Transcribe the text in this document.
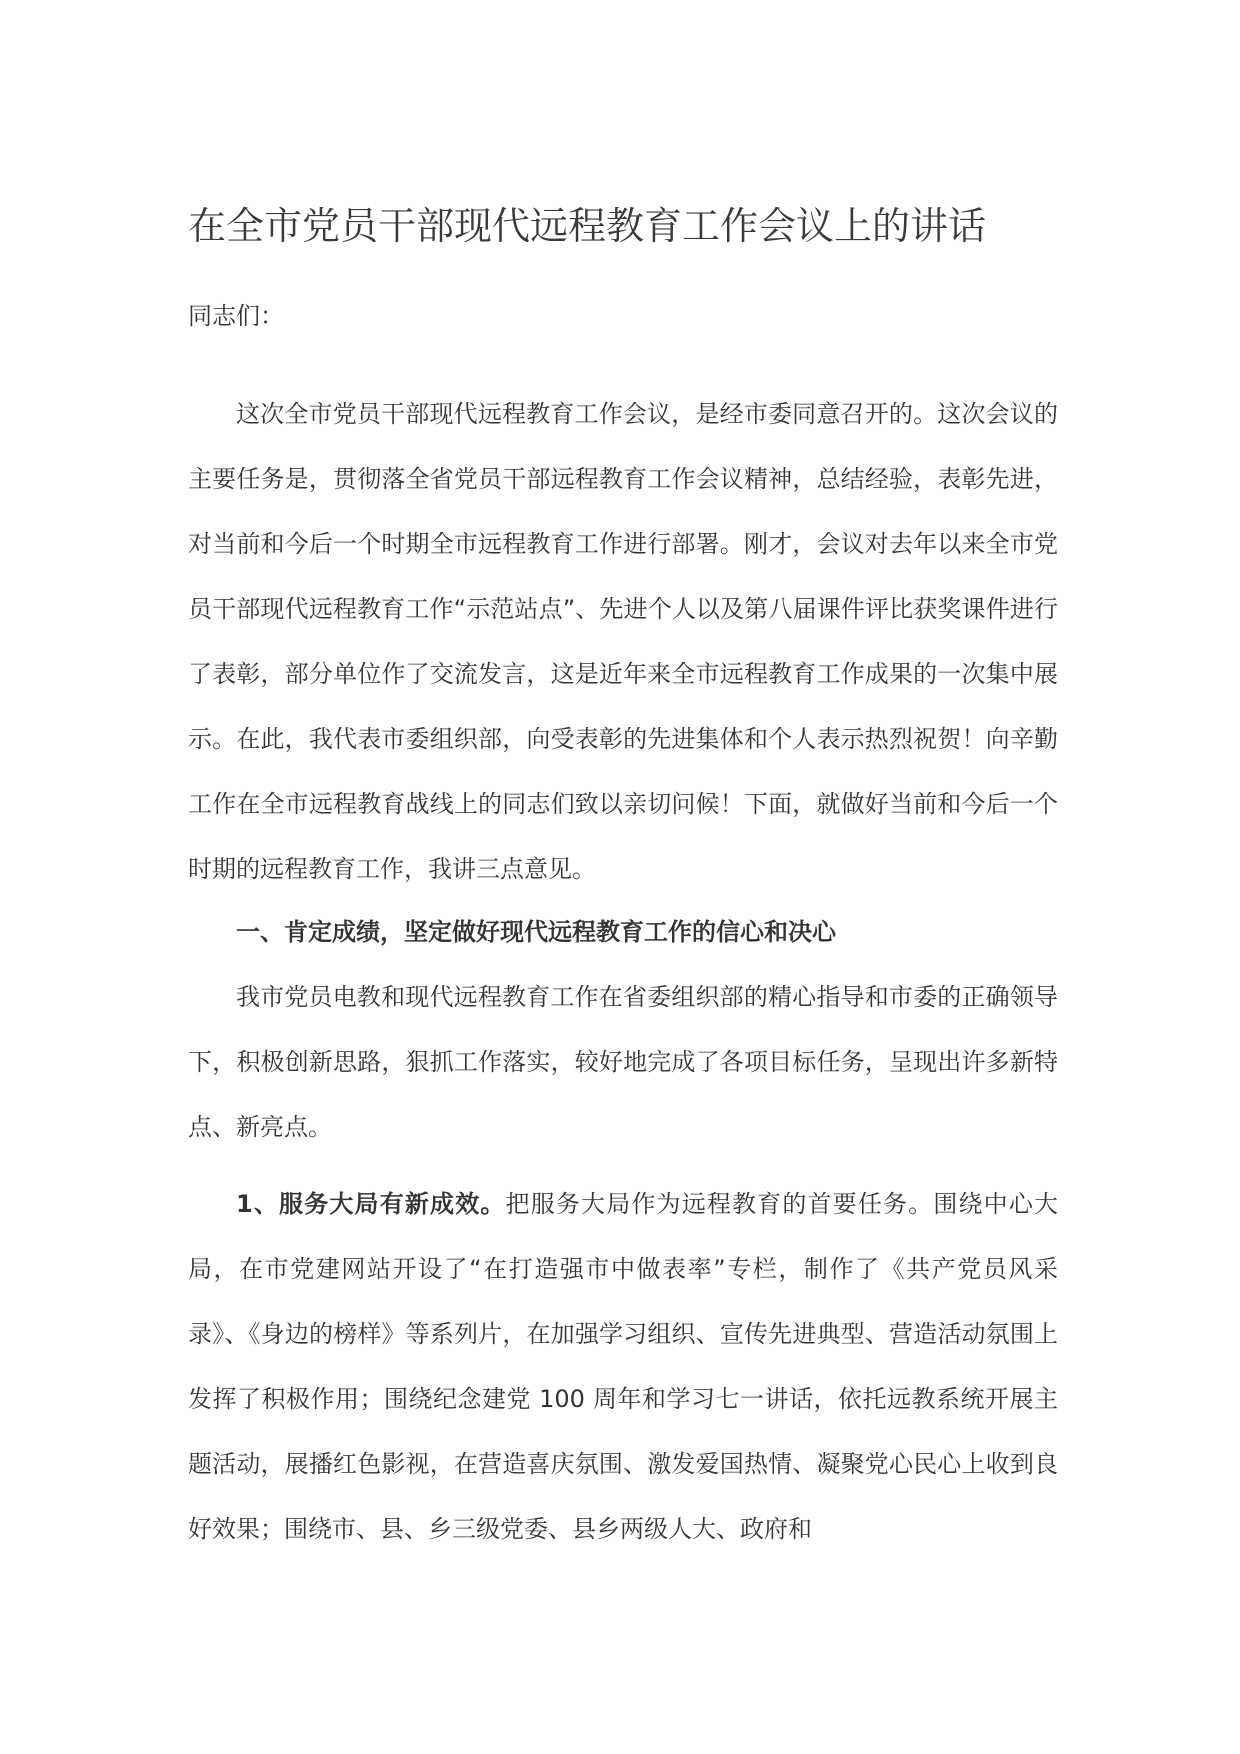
在全市党员干部现代远程教育工作会议上的讲话

同志们：

这次全市党员干部现代远程教育工作会议，是经市委同意召开的。这次会议的主要任务是，贯彻落全省党员干部远程教育工作会议精神，总结经验，表彰先进，对当前和今后一个时期全市远程教育工作进行部署。刚才，会议对去年以来全市党员干部现代远程教育工作“示范站点”、先进个人以及第八届课件评比获奖课件进行了表彰，部分单位作了交流发言，这是近年来全市远程教育工作成果的一次集中展示。在此，我代表市委组织部，向受表彰的先进集体和个人表示热烈祝贺！向辛勤工作在全市远程教育战线上的同志们致以亲切问候！下面，就做好当前和今后一个时期的远程教育工作，我讲三点意见。

一、肯定成绩，坚定做好现代远程教育工作的信心和决心

我市党员电教和现代远程教育工作在省委组织部的精心指导和市委的正确领导下，积极创新思路，狠抓工作落实，较好地完成了各项目标任务，呈现出许多新特点、新亮点。

1、服务大局有新成效。把服务大局作为远程教育的首要任务。围绕中心大局，在市党建网站开设了“在打造强市中做表率”专栏，制作了《共产党员风采录》、《身边的榜样》等系列片，在加强学习组织、宣传先进典型、营造活动氛围上发挥了积极作用；围绕纪念建党 100 周年和学习七一讲话，依托远教系统开展主题活动，展播红色影视，在营造喜庆氛围、激发爱国热情、凝聚党心民心上收到良好效果；围绕市、县、乡三级党委、县乡两级人大、政府和
